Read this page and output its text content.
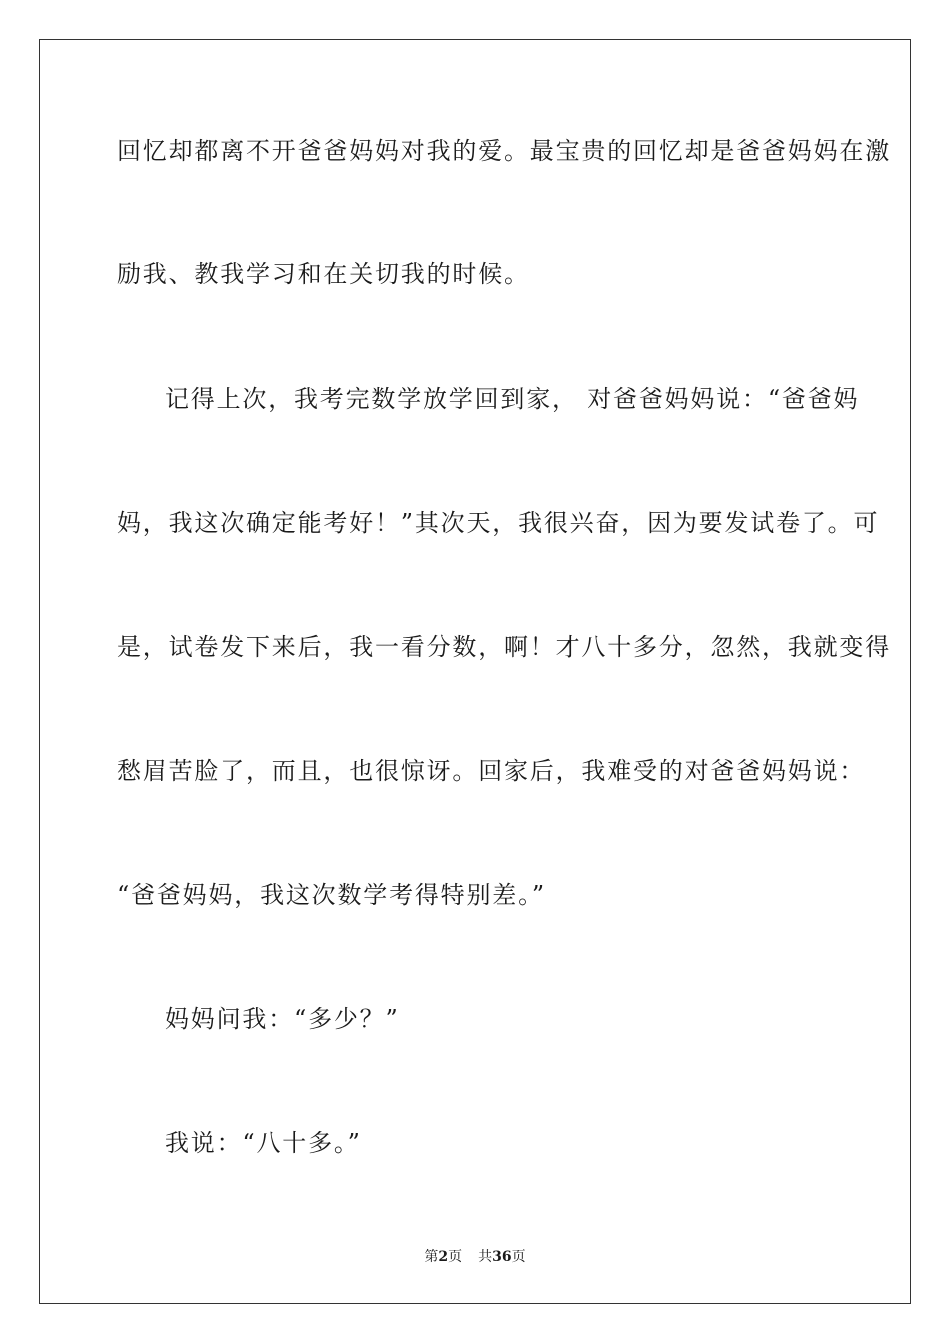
回忆却都离不开爸爸妈妈对我的爱。最宝贵的回忆却是爸爸妈妈在激
励我、教我学习和在关切我的时候。
记得上次，我考完数学放学回到家， 对爸爸妈妈说：“爸爸妈
妈，我这次确定能考好！”其次天，我很兴奋，因为要发试卷了。可
是，试卷发下来后，我一看分数，啊！才八十多分，忽然，我就变得
愁眉苦脸了，而且，也很惊讶。回家后，我难受的对爸爸妈妈说：
“爸爸妈妈，我这次数学考得特别差。”
妈妈问我：“多少？”
我说：“八十多。”
第2页 共36页
